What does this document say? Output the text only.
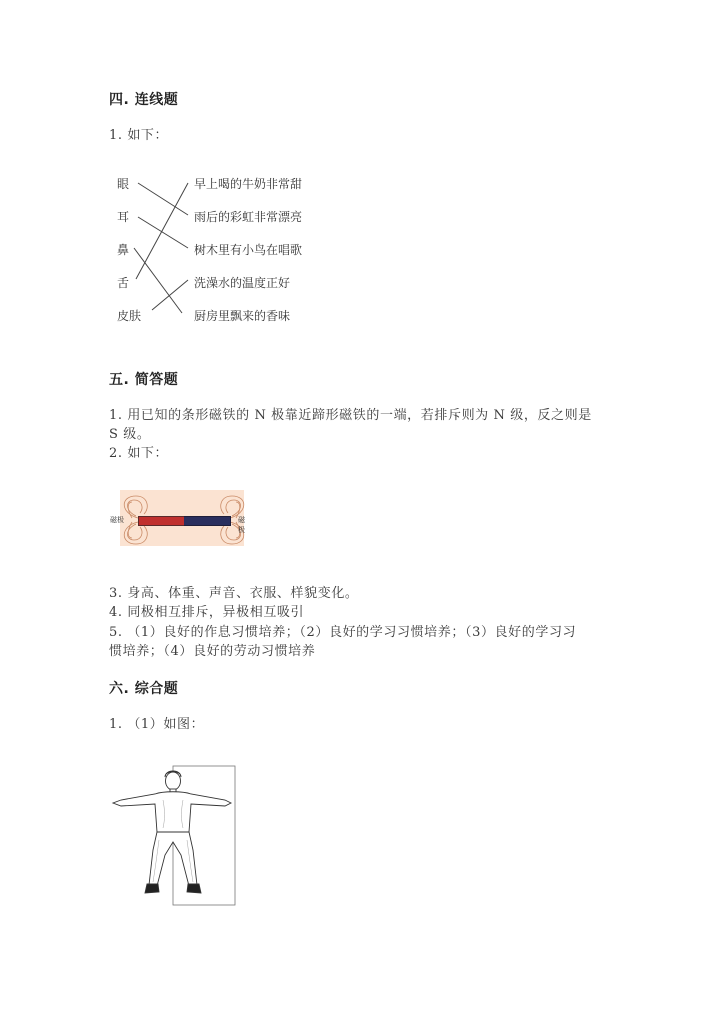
四. 连线题
1. 如下：
眼
耳
鼻
舌
皮肤
早上喝的牛奶非常甜
雨后的彩虹非常漂亮
树木里有小鸟在唱歌
洗澡水的温度正好
厨房里飘来的香味
五. 简答题
1. 用已知的条形磁铁的 N 极靠近蹄形磁铁的一端，若排斥则为 N 级，反之则是
S 级。
2. 如下：
磁极	磁极
3. 身高、体重、声音、衣服、样貌变化。
4. 同极相互排斥，异极相互吸引
5. （1）良好的作息习惯培养；（2）良好的学习习惯培养；（3）良好的学习习
惯培养；（4）良好的劳动习惯培养
六. 综合题
1. （1）如图：
